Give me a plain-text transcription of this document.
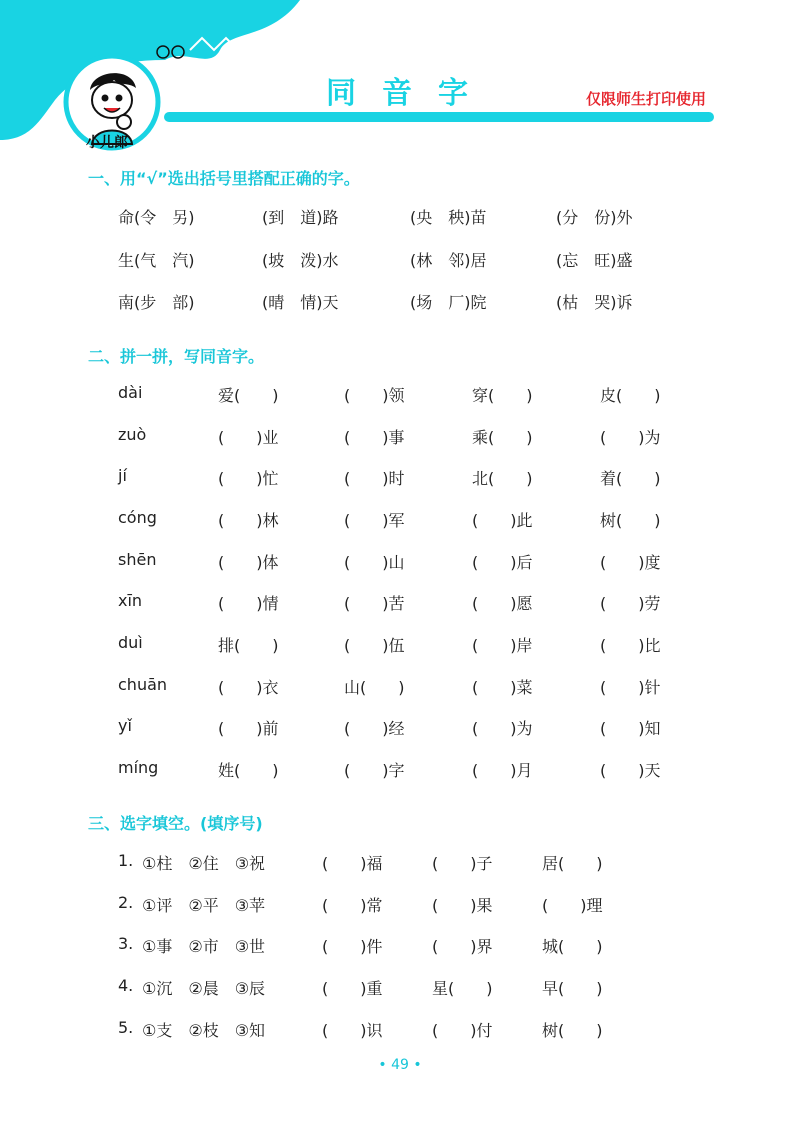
小儿郎
同音字	仅限师生打印使用
一、用“√”选出括号里搭配正确的字。
命(令　另)	(到　道)路	(央　秧)苗	(分　份)外
生(气　汽)	(坡　泼)水	(林　邻)居	(忘　旺)盛
南(步　部)	(晴　情)天	(场　厂)院	(枯　哭)诉
二、拼一拼，写同音字。
dài	爱(　　)	(　　)领	穿(　　)	皮(　　)
zuò	(　　)业	(　　)事	乘(　　)	(　　)为
jí	(　　)忙	(　　)时	北(　　)	着(　　)
cóng	(　　)林	(　　)军	(　　)此	树(　　)
shēn	(　　)体	(　　)山	(　　)后	(　　)度
xīn	(　　)情	(　　)苦	(　　)愿	(　　)劳
duì	排(　　)	(　　)伍	(　　)岸	(　　)比
chuān	(　　)衣	山(　　)	(　　)菜	(　　)针
yǐ	(　　)前	(　　)经	(　　)为	(　　)知
míng	姓(　　)	(　　)字	(　　)月	(　　)天
三、选字填空。(填序号)
1. ①柱　②住　③祝	(　　)福	(　　)子	居(　　)
2. ①评　②平　③苹	(　　)常	(　　)果	(　　)理
3. ①事　②市　③世	(　　)件	(　　)界	城(　　)
4. ①沉　②晨　③辰	(　　)重	星(　　)	早(　　)
5. ①支　②枝　③知	(　　)识	(　　)付	树(　　)
• 49 •
